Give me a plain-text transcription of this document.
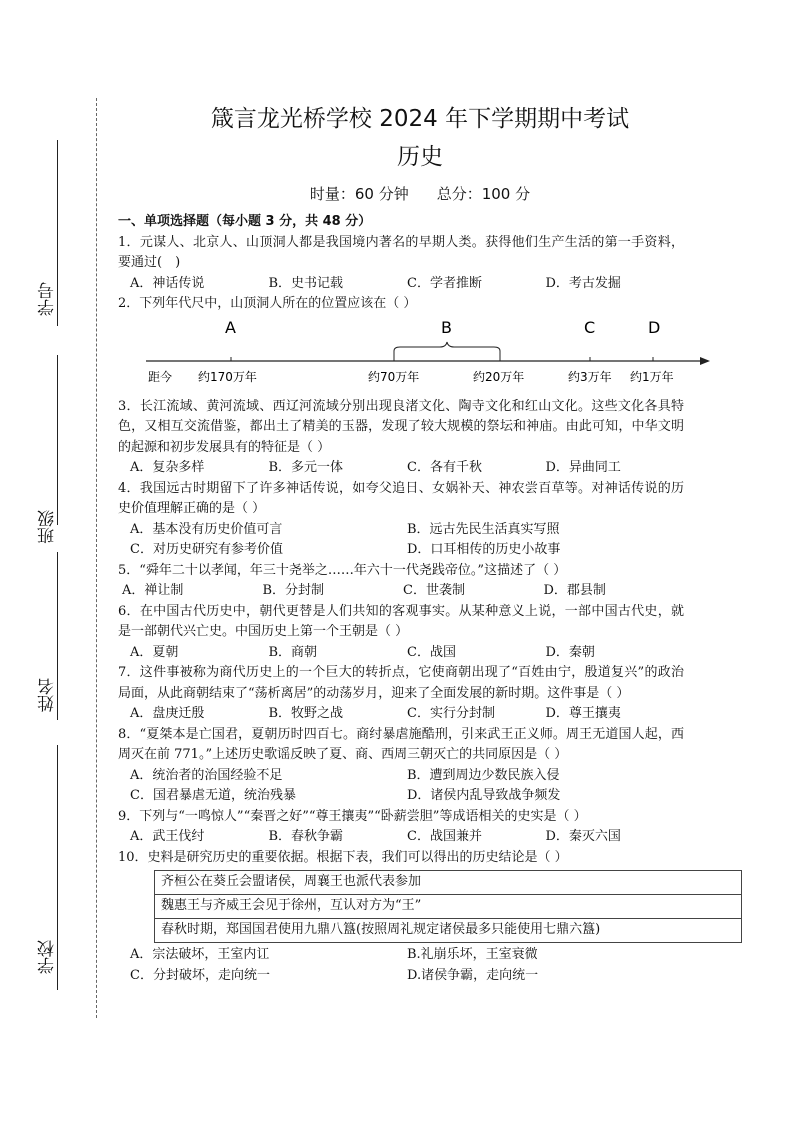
学号
班级
姓名
学校
箴言龙光桥学校 2024 年下学期期中考试
历史
时量：60 分钟 总分：100 分
一、单项选择题（每小题 3 分，共 48 分）

1．元谋人、北京人、山顶洞人都是我国境内著名的早期人类。获得他们生产生活的第一手资料，要通过(　)

A．神话传说	B．史书记载	C．学者推断	D．考古发掘

2．下列年代尺中，山顶洞人所在的位置应该在（ ）

A	B	C	D
距今 约170万年	约70万年	约20万年	约3万年 约1万年

3．长江流域、黄河流域、西辽河流域分别出现良渚文化、陶寺文化和红山文化。这些文化各具特色，又相互交流借鉴，都出土了精美的玉器，发现了较大规模的祭坛和神庙。由此可知，中华文明的起源和初步发展具有的特征是（ ）

A．复杂多样	B．多元一体	C．各有千秋	D．异曲同工

4．我国远古时期留下了许多神话传说，如夸父追日、女娲补天、神农尝百草等。对神话传说的历史价值理解正确的是（ ）

A．基本没有历史价值可言	B．远古先民生活真实写照
C．对历史研究有参考价值	D．口耳相传的历史小故事

5．“舜年二十以孝闻，年三十尧举之……年六十一代尧践帝位。”这描述了（ ）

A．禅让制	B．分封制	C．世袭制	D．郡县制

6．在中国古代历史中，朝代更替是人们共知的客观事实。从某种意义上说，一部中国古代史，就是一部朝代兴亡史。中国历史上第一个王朝是（ ）

A．夏朝	B．商朝	C．战国	D．秦朝

7．这件事被称为商代历史上的一个巨大的转折点，它使商朝出现了“百姓由宁，殷道复兴”的政治局面，从此商朝结束了“荡析离居”的动荡岁月，迎来了全面发展的新时期。这件事是（ ）

A．盘庚迁殷	B．牧野之战	C．实行分封制	D．尊王攘夷

8．“夏桀本是亡国君，夏朝历时四百七。商纣暴虐施酷刑，引来武王正义师。周王无道国人起，西周灭在前 771。”上述历史歌谣反映了夏、商、西周三朝灭亡的共同原因是（ ）

A．统治者的治国经验不足	B．遭到周边少数民族入侵
C．国君暴虐无道，统治残暴	D．诸侯内乱导致战争频发

9．下列与“一鸣惊人”“秦晋之好”“尊王攘夷”“卧薪尝胆”等成语相关的史实是（ ）

A．武王伐纣	B．春秋争霸	C．战国兼并	D．秦灭六国

10．史料是研究历史的重要依据。根据下表，我们可以得出的历史结论是（ ）

齐桓公在葵丘会盟诸侯，周襄王也派代表参加
魏惠王与齐威王会见于徐州，互认对方为“王”
春秋时期，郑国国君使用九鼎八簋(按照周礼规定诸侯最多只能使用七鼎六簋)
A．宗法破坏，王室内讧	B.礼崩乐坏，王室衰微
C．分封破坏，走向统一	D.诸侯争霸，走向统一
